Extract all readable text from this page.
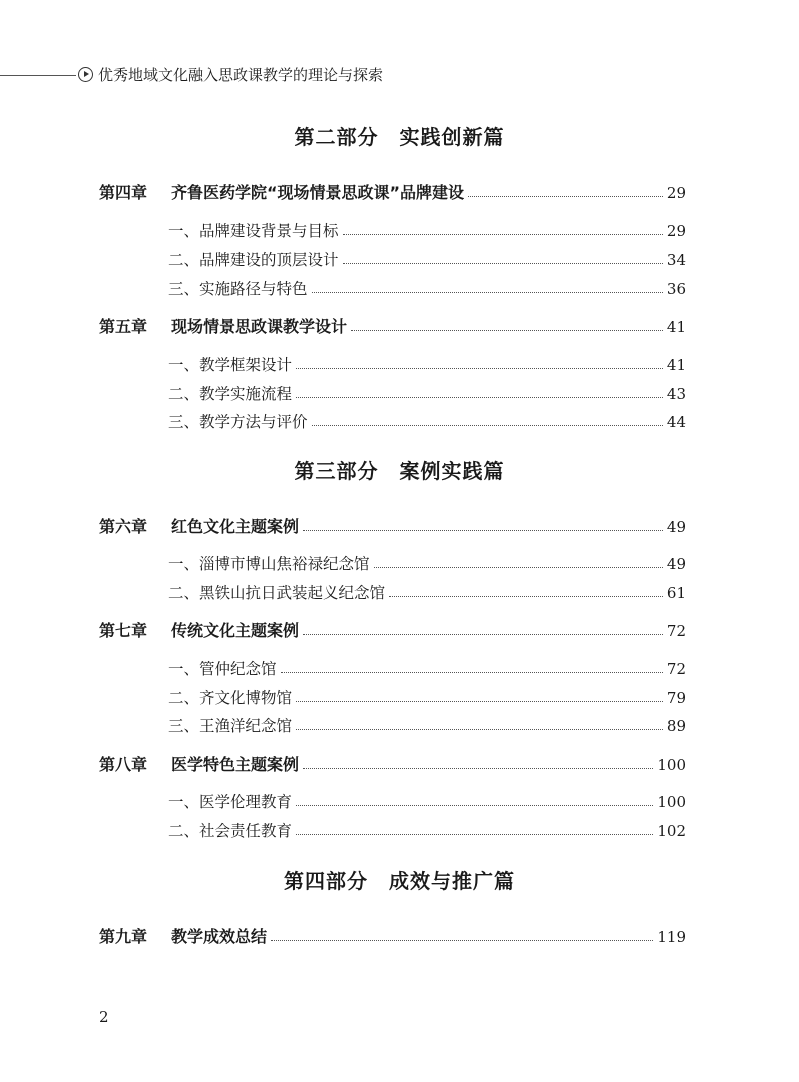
优秀地域文化融入思政课教学的理论与探索
第二部分　实践创新篇
第四章	齐鲁医药学院“现场情景思政课”品牌建设	29
一、品牌建设背景与目标	29
二、品牌建设的顶层设计	34
三、实施路径与特色	36
第五章	现场情景思政课教学设计	41
一、教学框架设计	41
二、教学实施流程	43
三、教学方法与评价	44
第三部分　案例实践篇
第六章	红色文化主题案例	49
一、淄博市博山焦裕禄纪念馆	49
二、黑铁山抗日武装起义纪念馆	61
第七章	传统文化主题案例	72
一、管仲纪念馆	72
二、齐文化博物馆	79
三、王渔洋纪念馆	89
第八章	医学特色主题案例	100
一、医学伦理教育	100
二、社会责任教育	102
第四部分　成效与推广篇
第九章	教学成效总结	119
2
